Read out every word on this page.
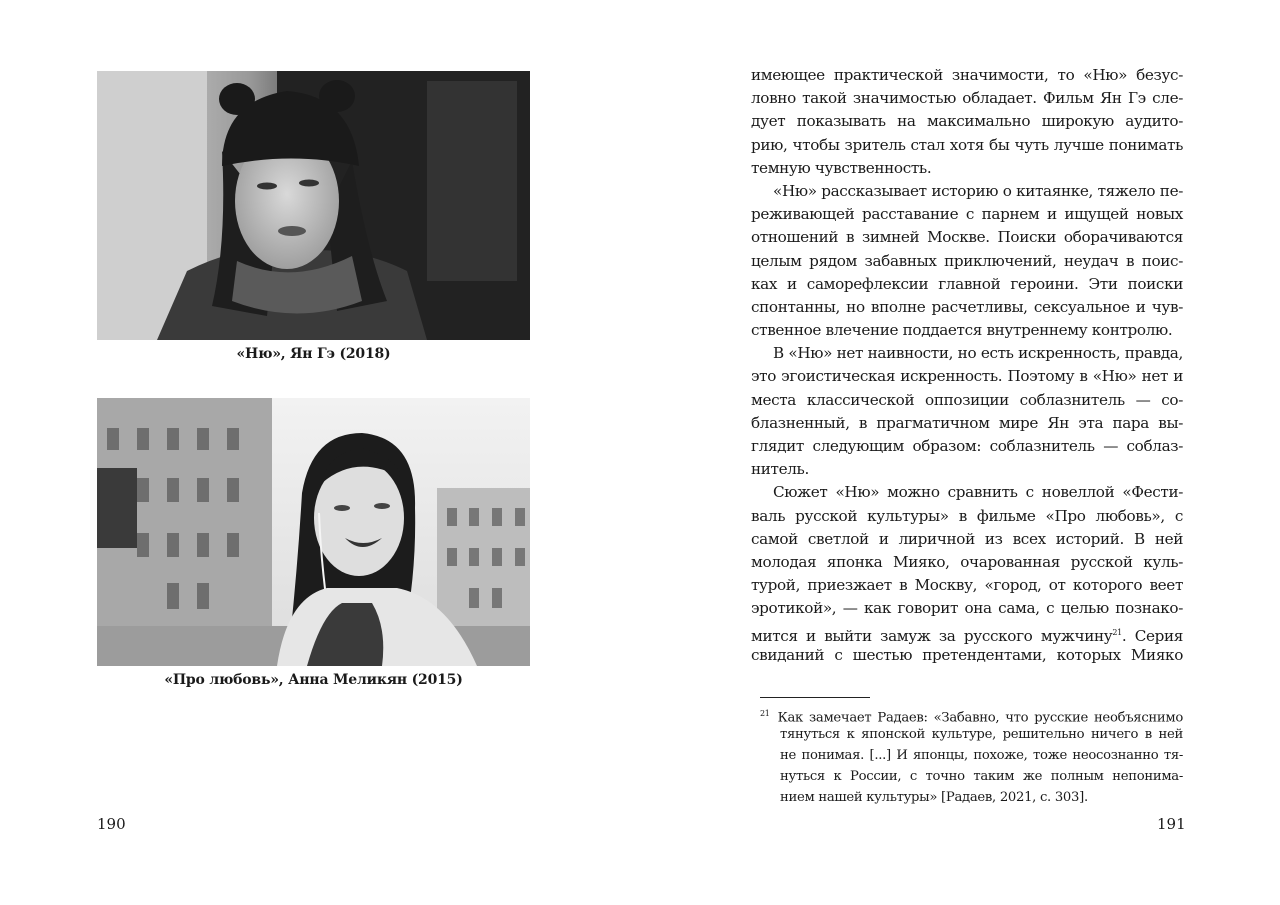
«Ню», Ян Гэ (2018)
«Про любовь», Анна Меликян (2015)
190
имеющее практической значимости, то «Ню» безус-
ловно такой значимостью обладает. Фильм Ян Гэ сле-
дует показывать на максимально широкую аудито-
рию, чтобы зритель стал хотя бы чуть лучше понимать
темную чувственность.
«Ню» рассказывает историю о китаянке, тяжело пе-
реживающей расставание с парнем и ищущей новых
отношений в зимней Москве. Поиски оборачиваются
целым рядом забавных приключений, неудач в поис-
ках и саморефлексии главной героини. Эти поиски
спонтанны, но вполне расчетливы, сексуальное и чув-
ственное влечение поддается внутреннему контролю.
В «Ню» нет наивности, но есть искренность, правда,
это эгоистическая искренность. Поэтому в «Ню» нет и
места классической оппозиции соблазнитель — со-
блазненный, в прагматичном мире Ян эта пара вы-
глядит следующим образом: соблазнитель — соблаз-
нитель.
Сюжет «Ню» можно сравнить с новеллой «Фести-
валь русской культуры» в фильме «Про любовь», с
самой светлой и лиричной из всех историй. В ней
молодая японка Мияко, очарованная русской куль-
турой, приезжает в Москву, «город, от которого веет
эротикой», — как говорит она сама, с целью познако-
мится и выйти замуж за русского мужчину$^{21}$. Серия
свиданий с шестью претендентами, которых Мияко
$^{21}$ Как замечает Радаев: «Забавно, что русские необъяснимо
тянуться к японской культуре, решительно ничего в ней
не понимая. [...] И японцы, похоже, тоже неосознанно тя-
нуться к России, с точно таким же полным непонима-
нием нашей культуры» [Радаев, 2021, с. 303].
191
